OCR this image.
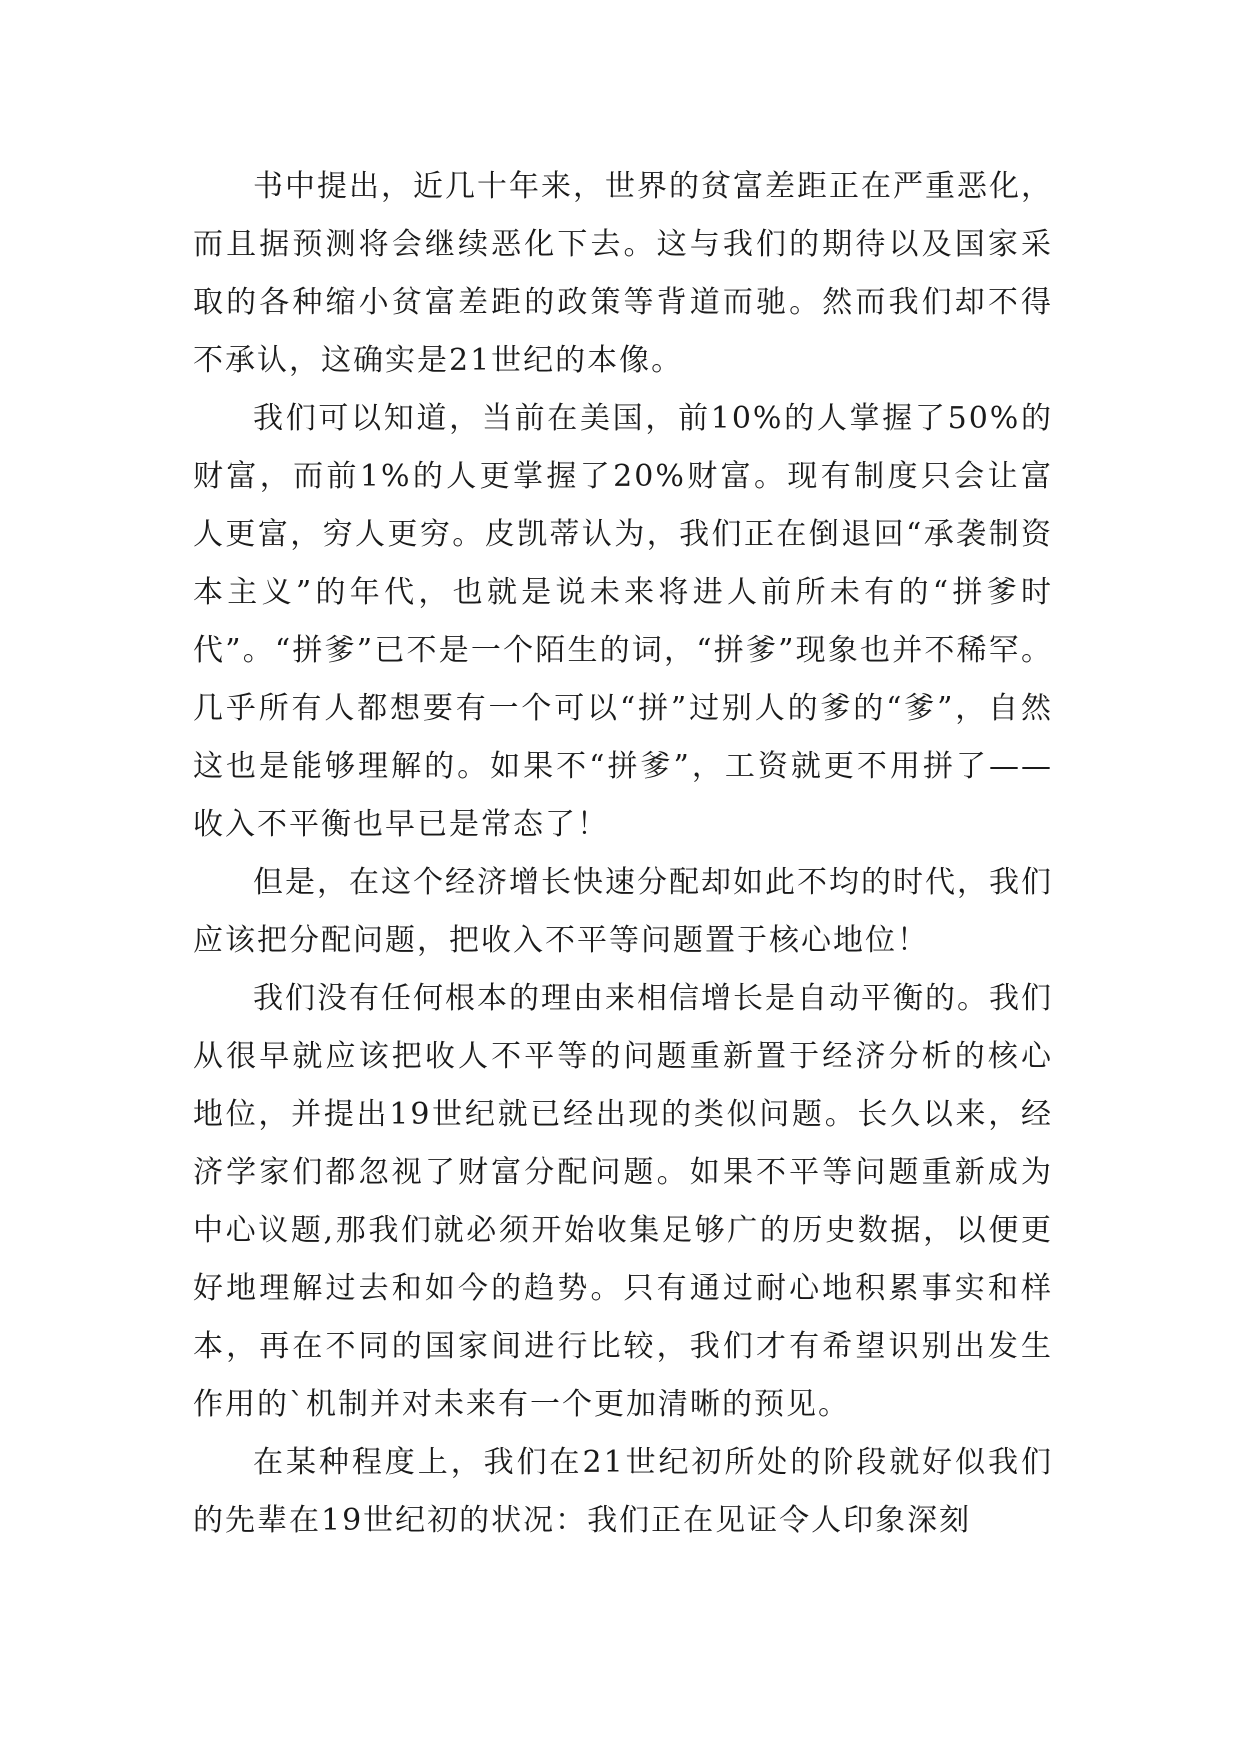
书中提出，近几十年来，世界的贫富差距正在严重恶化，而且据预测将会继续恶化下去。这与我们的期待以及国家采取的各种缩小贫富差距的政策等背道而驰。然而我们却不得不承认，这确实是21世纪的本像。

我们可以知道，当前在美国，前10%的人掌握了50%的财富，而前1%的人更掌握了20%财富。现有制度只会让富人更富，穷人更穷。皮凯蒂认为，我们正在倒退回“承袭制资本主义”的年代，也就是说未来将进人前所未有的“拼爹时代”。“拼爹”已不是一个陌生的词，“拼爹”现象也并不稀罕。几乎所有人都想要有一个可以“拼”过别人的爹的“爹”，自然这也是能够理解的。如果不“拼爹”，工资就更不用拼了——收入不平衡也早已是常态了！

但是，在这个经济增长快速分配却如此不均的时代，我们应该把分配问题，把收入不平等问题置于核心地位！

我们没有任何根本的理由来相信增长是自动平衡的。我们从很早就应该把收人不平等的问题重新置于经济分析的核心地位，并提出19世纪就已经出现的类似问题。长久以来，经济学家们都忽视了财富分配问题。如果不平等问题重新成为中心议题,那我们就必须开始收集足够广的历史数据，以便更好地理解过去和如今的趋势。只有通过耐心地积累事实和样本，再在不同的国家间进行比较，我们才有希望识别出发生作用的`机制并对未来有一个更加清晰的预见。

在某种程度上，我们在21世纪初所处的阶段就好似我们的先辈在19世纪初的状况：我们正在见证令人印象深刻
